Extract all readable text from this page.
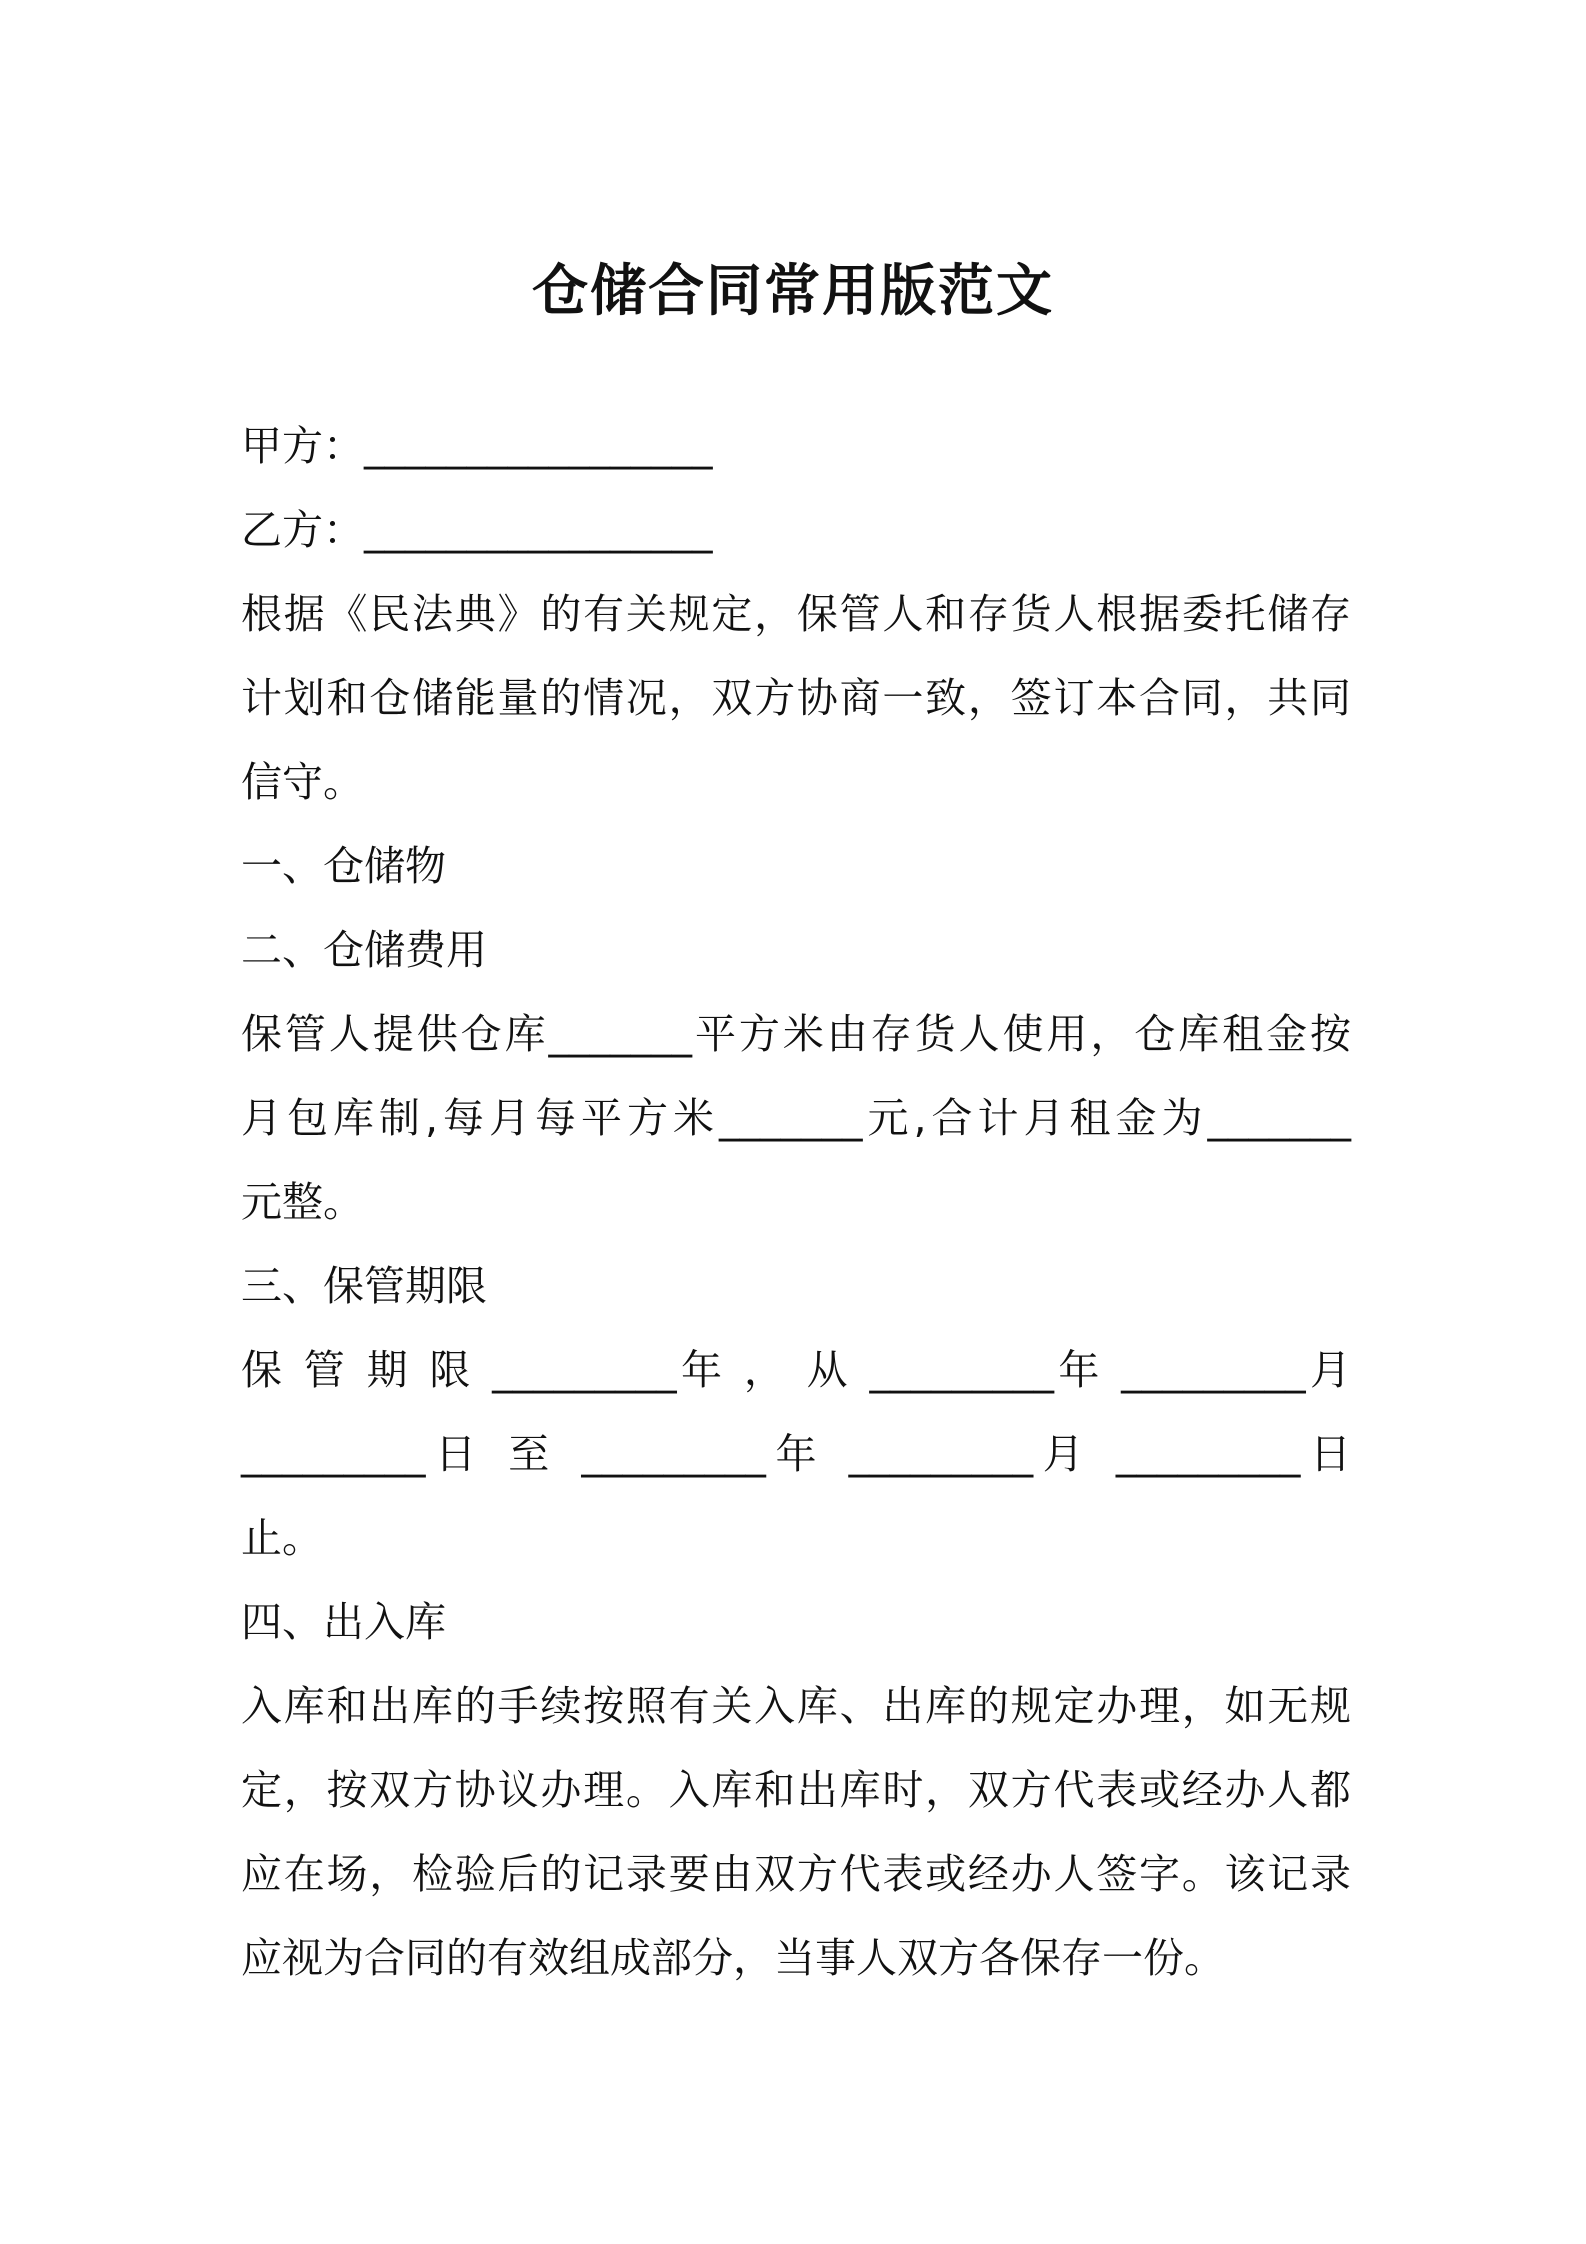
仓储合同常用版范文

甲方：_________________

乙方：_________________

根据《民法典》的有关规定，保管人和存货人根据委托储存

计划和仓储能量的情况，双方协商一致，签订本合同，共同

信守。

一、仓储物

二、仓储费用

保管人提供仓库_______平方米由存货人使用，仓库租金按

月包库制,每月每平方米_______元,合计月租金为_______

元整。

三、保管期限

保 管 期 限 _________年 ， 从 _________年 _________月

_________日 至 _________年 _________月 _________日

止。

四、出入库

入库和出库的手续按照有关入库、出库的规定办理，如无规

定，按双方协议办理。入库和出库时，双方代表或经办人都

应在场，检验后的记录要由双方代表或经办人签字。该记录

应视为合同的有效组成部分，当事人双方各保存一份。
